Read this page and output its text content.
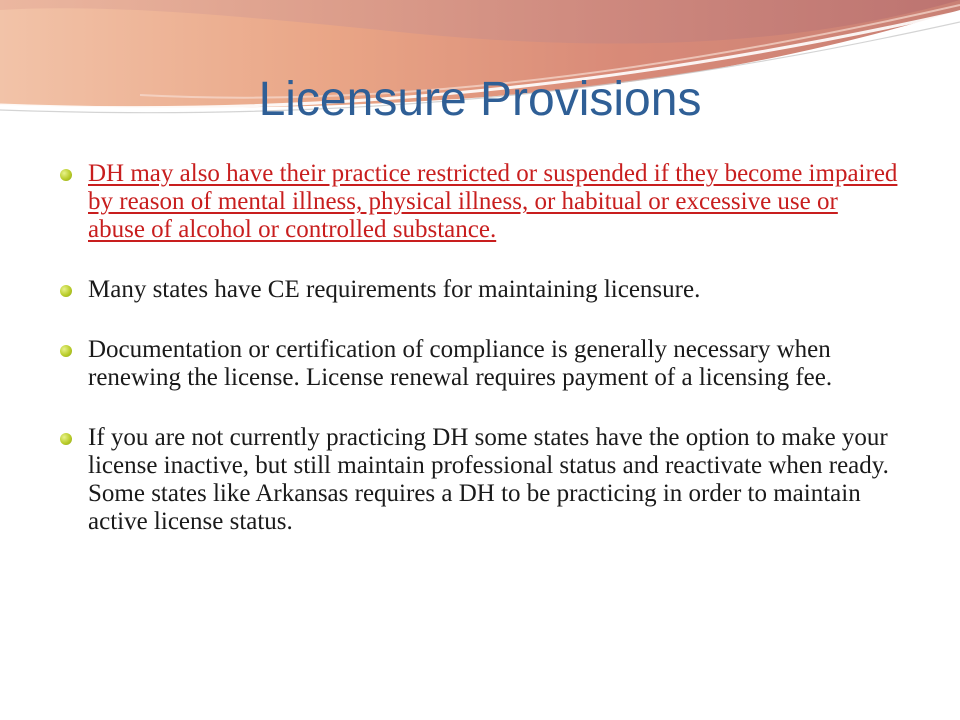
Licensure Provisions
DH may also have their practice restricted or suspended if they become impaired by reason of mental illness, physical illness, or habitual or excessive use or abuse of alcohol or controlled substance.
Many states have CE requirements for maintaining licensure.
Documentation or certification of compliance is generally necessary when renewing the license. License renewal requires payment of a licensing fee.
If you are not currently practicing DH some states have the option to make your license inactive, but still maintain professional status and reactivate when ready. Some states like Arkansas requires a DH to be practicing in order to maintain active license status.
